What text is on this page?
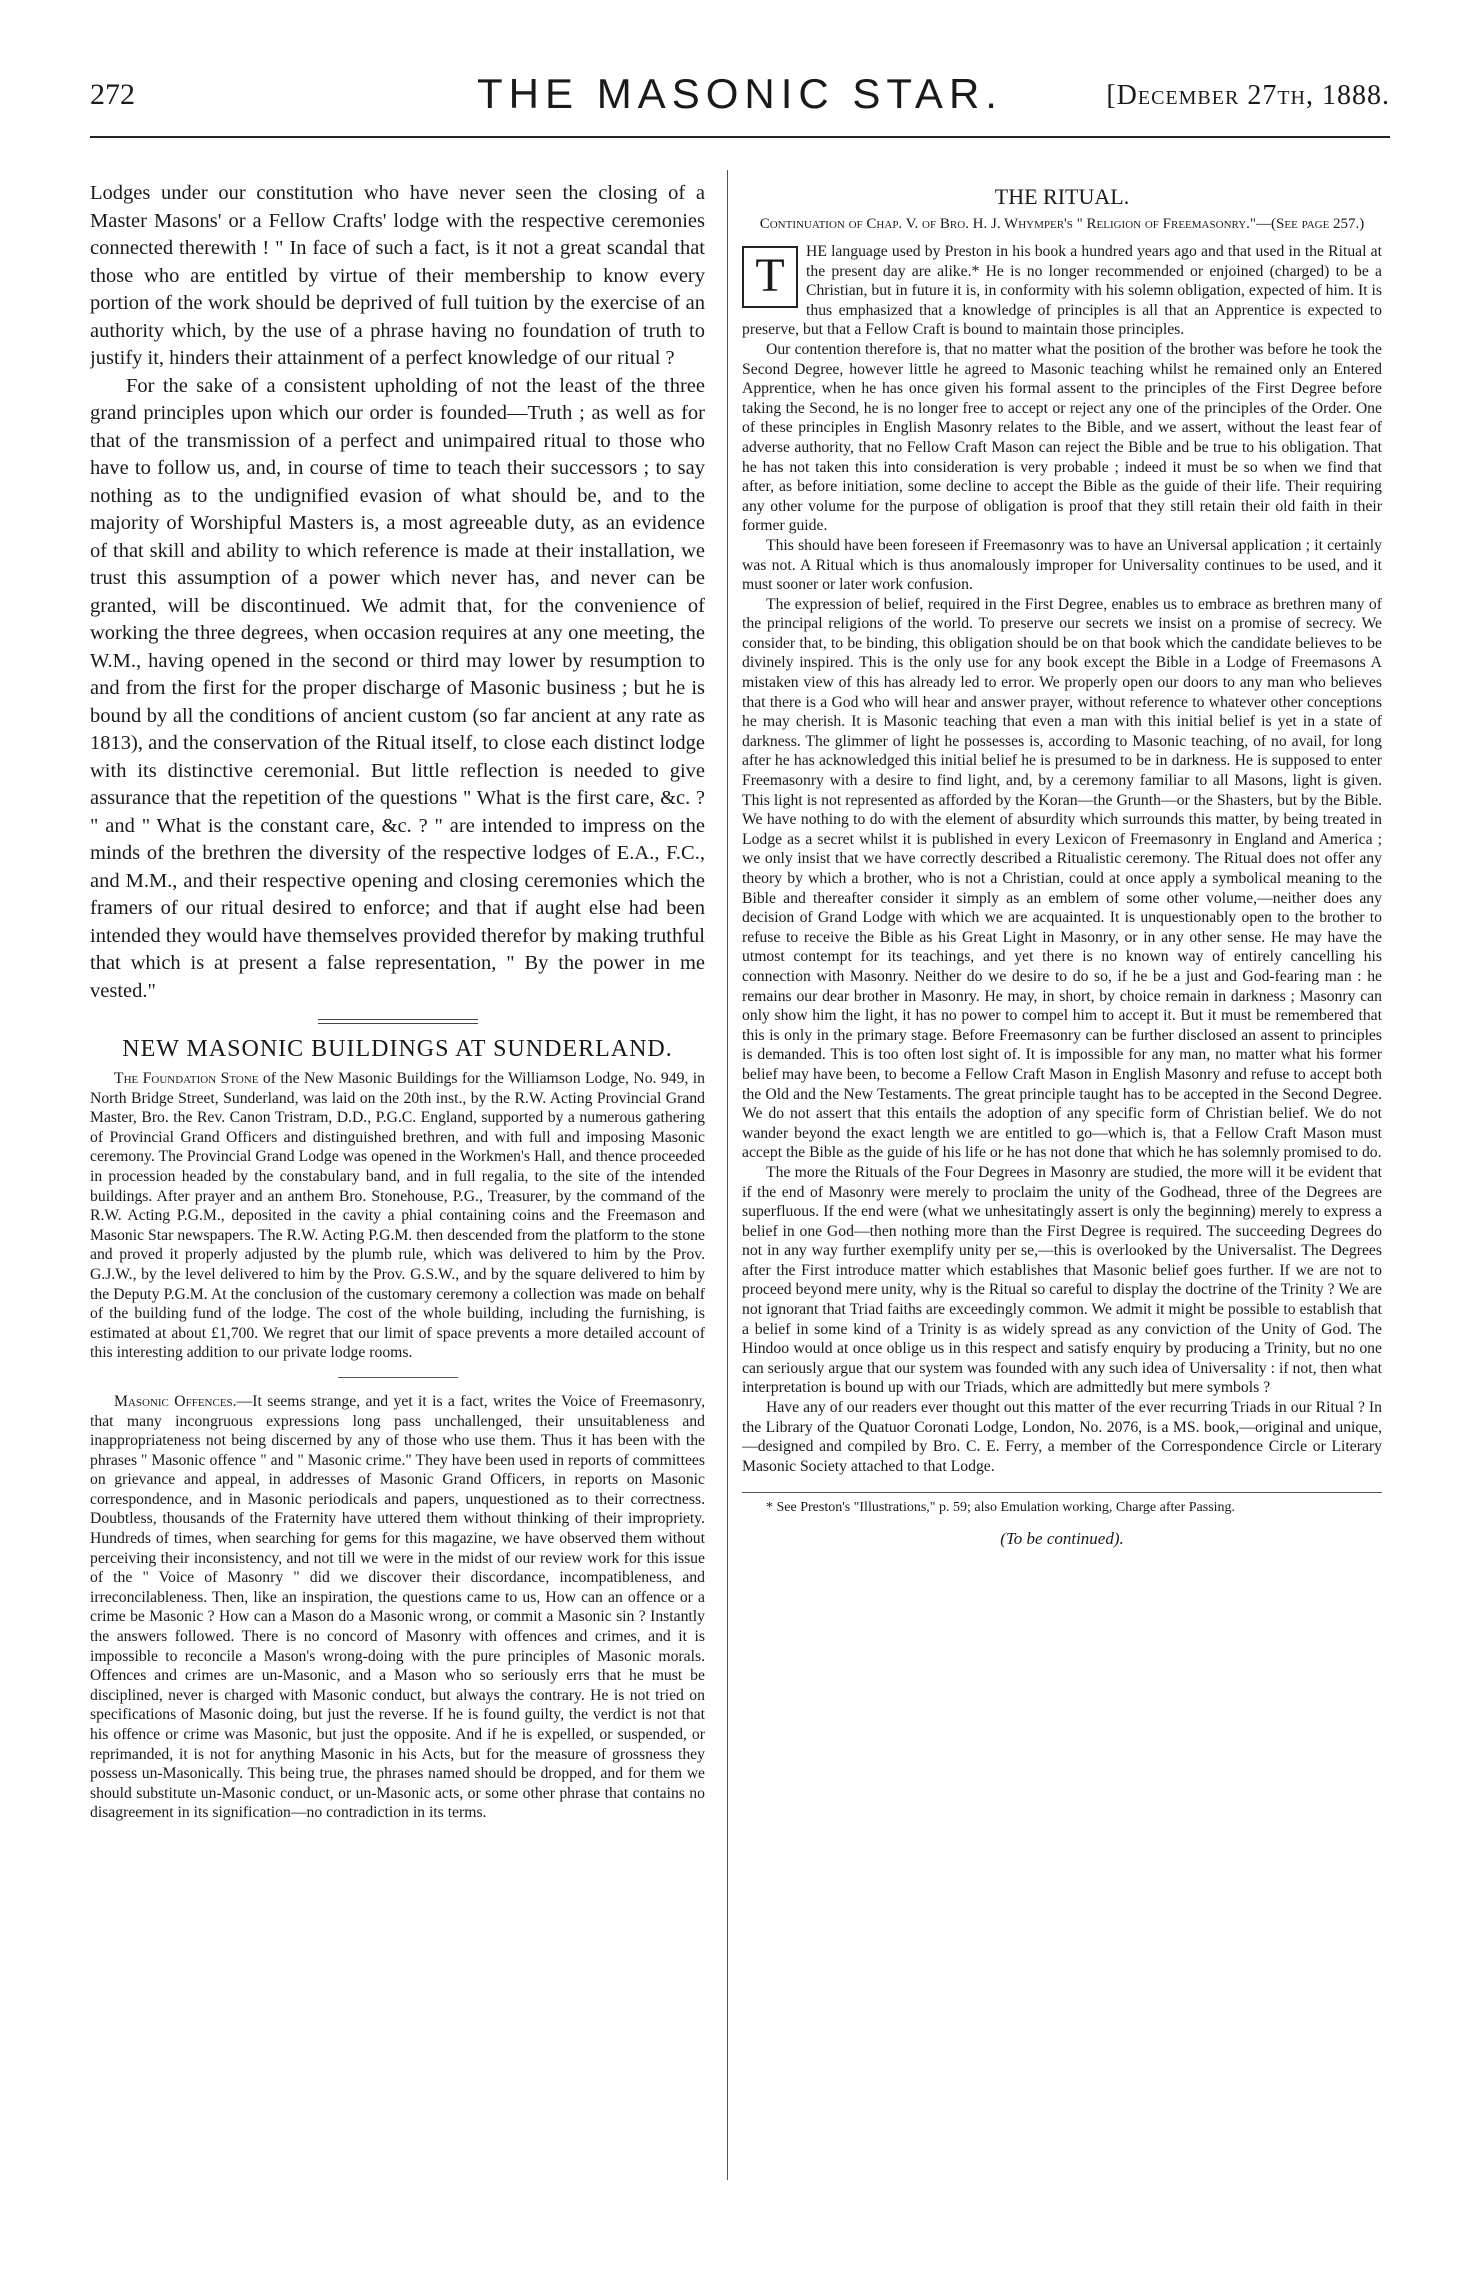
272	THE MASONIC STAR.	[December 27th, 1888.

Lodges under our constitution who have never seen the closing of a Master Masons' or a Fellow Crafts' lodge with the respective ceremonies connected therewith ! " In face of such a fact, is it not a great scandal that those who are entitled by virtue of their membership to know every portion of the work should be deprived of full tuition by the exercise of an authority which, by the use of a phrase having no foundation of truth to justify it, hinders their attainment of a perfect knowledge of our ritual ?

For the sake of a consistent upholding of not the least of the three grand principles upon which our order is founded—Truth ; as well as for that of the transmission of a perfect and unimpaired ritual to those who have to follow us, and, in course of time to teach their successors ; to say nothing as to the undignified evasion of what should be, and to the majority of Worshipful Masters is, a most agreeable duty, as an evidence of that skill and ability to which reference is made at their installation, we trust this assumption of a power which never has, and never can be granted, will be discontinued. We admit that, for the convenience of working the three degrees, when occasion requires at any one meeting, the W.M., having opened in the second or third may lower by resumption to and from the first for the proper discharge of Masonic business ; but he is bound by all the conditions of ancient custom (so far ancient at any rate as 1813), and the conservation of the Ritual itself, to close each distinct lodge with its distinctive ceremonial. But little reflection is needed to give assurance that the repetition of the questions " What is the first care, &c. ? " and " What is the constant care, &c. ? " are intended to impress on the minds of the brethren the diversity of the respective lodges of E.A., F.C., and M.M., and their respective opening and closing ceremonies which the framers of our ritual desired to enforce; and that if aught else had been intended they would have themselves provided therefor by making truthful that which is at present a false representation, " By the power in me vested."

NEW MASONIC BUILDINGS AT SUNDERLAND.

The Foundation Stone of the New Masonic Buildings for the Williamson Lodge, No. 949, in North Bridge Street, Sunderland, was laid on the 20th inst., by the R.W. Acting Provincial Grand Master, Bro. the Rev. Canon Tristram, D.D., P.G.C. England, supported by a numerous gathering of Provincial Grand Officers and distinguished brethren, and with full and imposing Masonic ceremony. The Provincial Grand Lodge was opened in the Workmen's Hall, and thence proceeded in procession headed by the constabulary band, and in full regalia, to the site of the intended buildings. After prayer and an anthem Bro. Stonehouse, P.G., Treasurer, by the command of the R.W. Acting P.G.M., deposited in the cavity a phial containing coins and the Freemason and Masonic Star newspapers. The R.W. Acting P.G.M. then descended from the platform to the stone and proved it properly adjusted by the plumb rule, which was delivered to him by the Prov. G.J.W., by the level delivered to him by the Prov. G.S.W., and by the square delivered to him by the Deputy P.G.M. At the conclusion of the customary ceremony a collection was made on behalf of the building fund of the lodge. The cost of the whole building, including the furnishing, is estimated at about £1,700. We regret that our limit of space prevents a more detailed account of this interesting addition to our private lodge rooms.

Masonic Offences.—It seems strange, and yet it is a fact, writes the Voice of Freemasonry, that many incongruous expressions long pass unchallenged, their unsuitableness and inappropriateness not being discerned by any of those who use them. Thus it has been with the phrases " Masonic offence " and " Masonic crime." They have been used in reports of committees on grievance and appeal, in addresses of Masonic Grand Officers, in reports on Masonic correspondence, and in Masonic periodicals and papers, unquestioned as to their correctness. Doubtless, thousands of the Fraternity have uttered them without thinking of their impropriety. Hundreds of times, when searching for gems for this magazine, we have observed them without perceiving their inconsistency, and not till we were in the midst of our review work for this issue of the " Voice of Masonry " did we discover their discordance, incompatibleness, and irreconcilableness. Then, like an inspiration, the questions came to us, How can an offence or a crime be Masonic ? How can a Mason do a Masonic wrong, or commit a Masonic sin ? Instantly the answers followed. There is no concord of Masonry with offences and crimes, and it is impossible to reconcile a Mason's wrong-doing with the pure principles of Masonic morals. Offences and crimes are un-Masonic, and a Mason who so seriously errs that he must be disciplined, never is charged with Masonic conduct, but always the contrary. He is not tried on specifications of Masonic doing, but just the reverse. If he is found guilty, the verdict is not that his offence or crime was Masonic, but just the opposite. And if he is expelled, or suspended, or reprimanded, it is not for anything Masonic in his Acts, but for the measure of grossness they possess un-Masonically. This being true, the phrases named should be dropped, and for them we should substitute un-Masonic conduct, or un-Masonic acts, or some other phrase that contains no disagreement in its signification—no contradiction in its terms.

THE RITUAL.
Continuation of Chap. V. of Bro. H. J. Whymper's " Religion of Freemasonry."—(See page 257.)

T	HE language used by Preston in his book a hundred years ago and that used in the Ritual at the present day are alike.* He is no longer recommended or enjoined (charged) to be a Christian, but in future it is, in conformity with his solemn obligation, expected of him. It is thus emphasized that a knowledge of principles is all that an Apprentice is expected to preserve, but that a Fellow Craft is bound to maintain those principles.

Our contention therefore is, that no matter what the position of the brother was before he took the Second Degree, however little he agreed to Masonic teaching whilst he remained only an Entered Apprentice, when he has once given his formal assent to the principles of the First Degree before taking the Second, he is no longer free to accept or reject any one of the principles of the Order. One of these principles in English Masonry relates to the Bible, and we assert, without the least fear of adverse authority, that no Fellow Craft Mason can reject the Bible and be true to his obligation. That he has not taken this into consideration is very probable ; indeed it must be so when we find that after, as before initiation, some decline to accept the Bible as the guide of their life. Their requiring any other volume for the purpose of obligation is proof that they still retain their old faith in their former guide.

This should have been foreseen if Freemasonry was to have an Universal application ; it certainly was not. A Ritual which is thus anomalously improper for Universality continues to be used, and it must sooner or later work confusion.

The expression of belief, required in the First Degree, enables us to embrace as brethren many of the principal religions of the world. To preserve our secrets we insist on a promise of secrecy. We consider that, to be binding, this obligation should be on that book which the candidate believes to be divinely inspired. This is the only use for any book except the Bible in a Lodge of Freemasons A mistaken view of this has already led to error. We properly open our doors to any man who believes that there is a God who will hear and answer prayer, without reference to whatever other conceptions he may cherish. It is Masonic teaching that even a man with this initial belief is yet in a state of darkness. The glimmer of light he possesses is, according to Masonic teaching, of no avail, for long after he has acknowledged this initial belief he is presumed to be in darkness. He is supposed to enter Freemasonry with a desire to find light, and, by a ceremony familiar to all Masons, light is given. This light is not represented as afforded by the Koran—the Grunth—or the Shasters, but by the Bible. We have nothing to do with the element of absurdity which surrounds this matter, by being treated in Lodge as a secret whilst it is published in every Lexicon of Freemasonry in England and America ; we only insist that we have correctly described a Ritualistic ceremony. The Ritual does not offer any theory by which a brother, who is not a Christian, could at once apply a symbolical meaning to the Bible and thereafter consider it simply as an emblem of some other volume,—neither does any decision of Grand Lodge with which we are acquainted. It is unquestionably open to the brother to refuse to receive the Bible as his Great Light in Masonry, or in any other sense. He may have the utmost contempt for its teachings, and yet there is no known way of entirely cancelling his connection with Masonry. Neither do we desire to do so, if he be a just and God-fearing man : he remains our dear brother in Masonry. He may, in short, by choice remain in darkness ; Masonry can only show him the light, it has no power to compel him to accept it. But it must be remembered that this is only in the primary stage. Before Freemasonry can be further disclosed an assent to principles is demanded. This is too often lost sight of. It is impossible for any man, no matter what his former belief may have been, to become a Fellow Craft Mason in English Masonry and refuse to accept both the Old and the New Testaments. The great principle taught has to be accepted in the Second Degree. We do not assert that this entails the adoption of any specific form of Christian belief. We do not wander beyond the exact length we are entitled to go—which is, that a Fellow Craft Mason must accept the Bible as the guide of his life or he has not done that which he has solemnly promised to do.

The more the Rituals of the Four Degrees in Masonry are studied, the more will it be evident that if the end of Masonry were merely to proclaim the unity of the Godhead, three of the Degrees are superfluous. If the end were (what we unhesitatingly assert is only the beginning) merely to express a belief in one God—then nothing more than the First Degree is required. The succeeding Degrees do not in any way further exemplify unity per se,—this is overlooked by the Universalist. The Degrees after the First introduce matter which establishes that Masonic belief goes further. If we are not to proceed beyond mere unity, why is the Ritual so careful to display the doctrine of the Trinity ? We are not ignorant that Triad faiths are exceedingly common. We admit it might be possible to establish that a belief in some kind of a Trinity is as widely spread as any conviction of the Unity of God. The Hindoo would at once oblige us in this respect and satisfy enquiry by producing a Trinity, but no one can seriously argue that our system was founded with any such idea of Universality : if not, then what interpretation is bound up with our Triads, which are admittedly but mere symbols ?

Have any of our readers ever thought out this matter of the ever recurring Triads in our Ritual ? In the Library of the Quatuor Coronati Lodge, London, No. 2076, is a MS. book,—original and unique,—designed and compiled by Bro. C. E. Ferry, a member of the Correspondence Circle or Literary Masonic Society attached to that Lodge.

* See Preston's "Illustrations," p. 59; also Emulation working, Charge after Passing.

(To be continued).
